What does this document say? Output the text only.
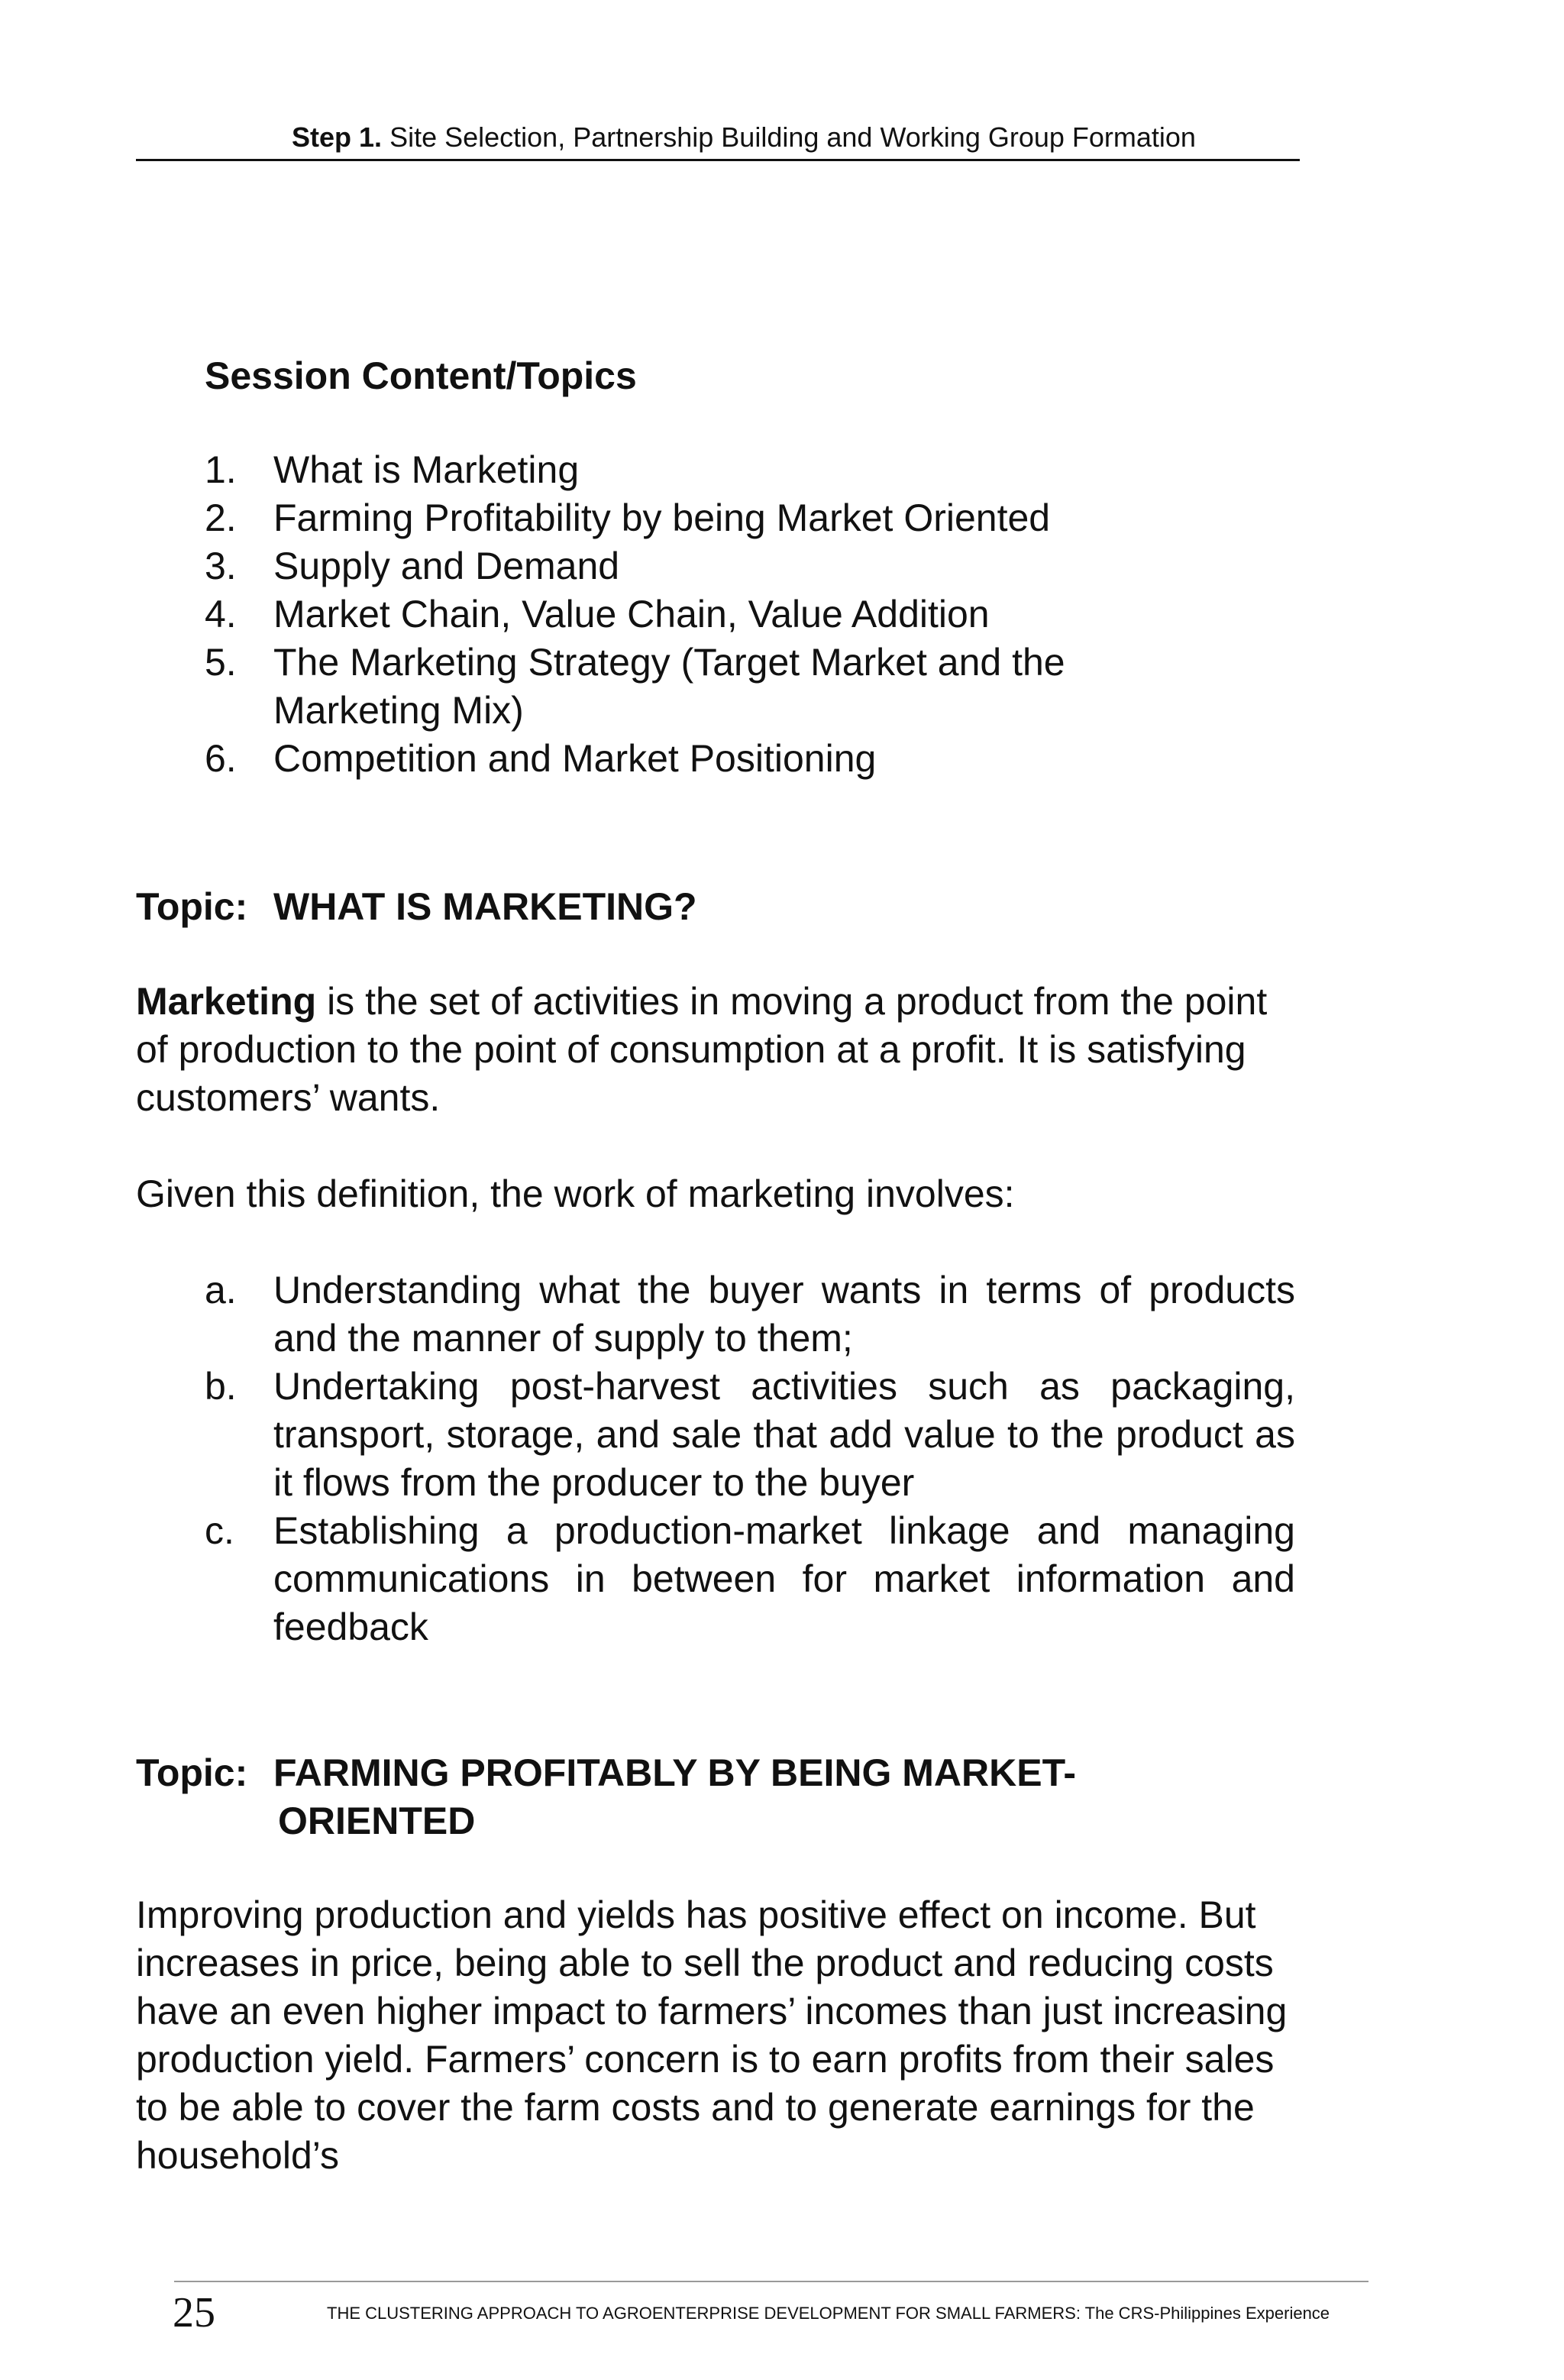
Step 1. Site Selection, Partnership Building and Working Group Formation
Session Content/Topics
1. What is Marketing
2. Farming Profitability by being Market Oriented
3. Supply and Demand
4. Market Chain, Value Chain, Value Addition
5. The Marketing Strategy (Target Market and the Marketing Mix)
6. Competition and Market Positioning
Topic: WHAT IS MARKETING?

Marketing is the set of activities in moving a product from the point of production to the point of consumption at a profit. It is satisfying customers’ wants.

Given this definition, the work of marketing involves:

a. Understanding what the buyer wants in terms of products and the manner of supply to them;
b. Undertaking post-harvest activities such as packaging, transport, storage, and sale that add value to the product as it flows from the producer to the buyer
c. Establishing a production-market linkage and managing communications in between for market information and feedback
Topic: FARMING PROFITABLY BY BEING MARKET-
ORIENTED

Improving production and yields has positive effect on income. But increases in price, being able to sell the product and reducing costs have an even higher impact to farmers’ incomes than just increasing production yield. Farmers’ concern is to earn profits from their sales to be able to cover the farm costs and to generate earnings for the household’s

25	THE CLUSTERING APPROACH TO AGROENTERPRISE DEVELOPMENT FOR SMALL FARMERS: The CRS-Philippines Experience
